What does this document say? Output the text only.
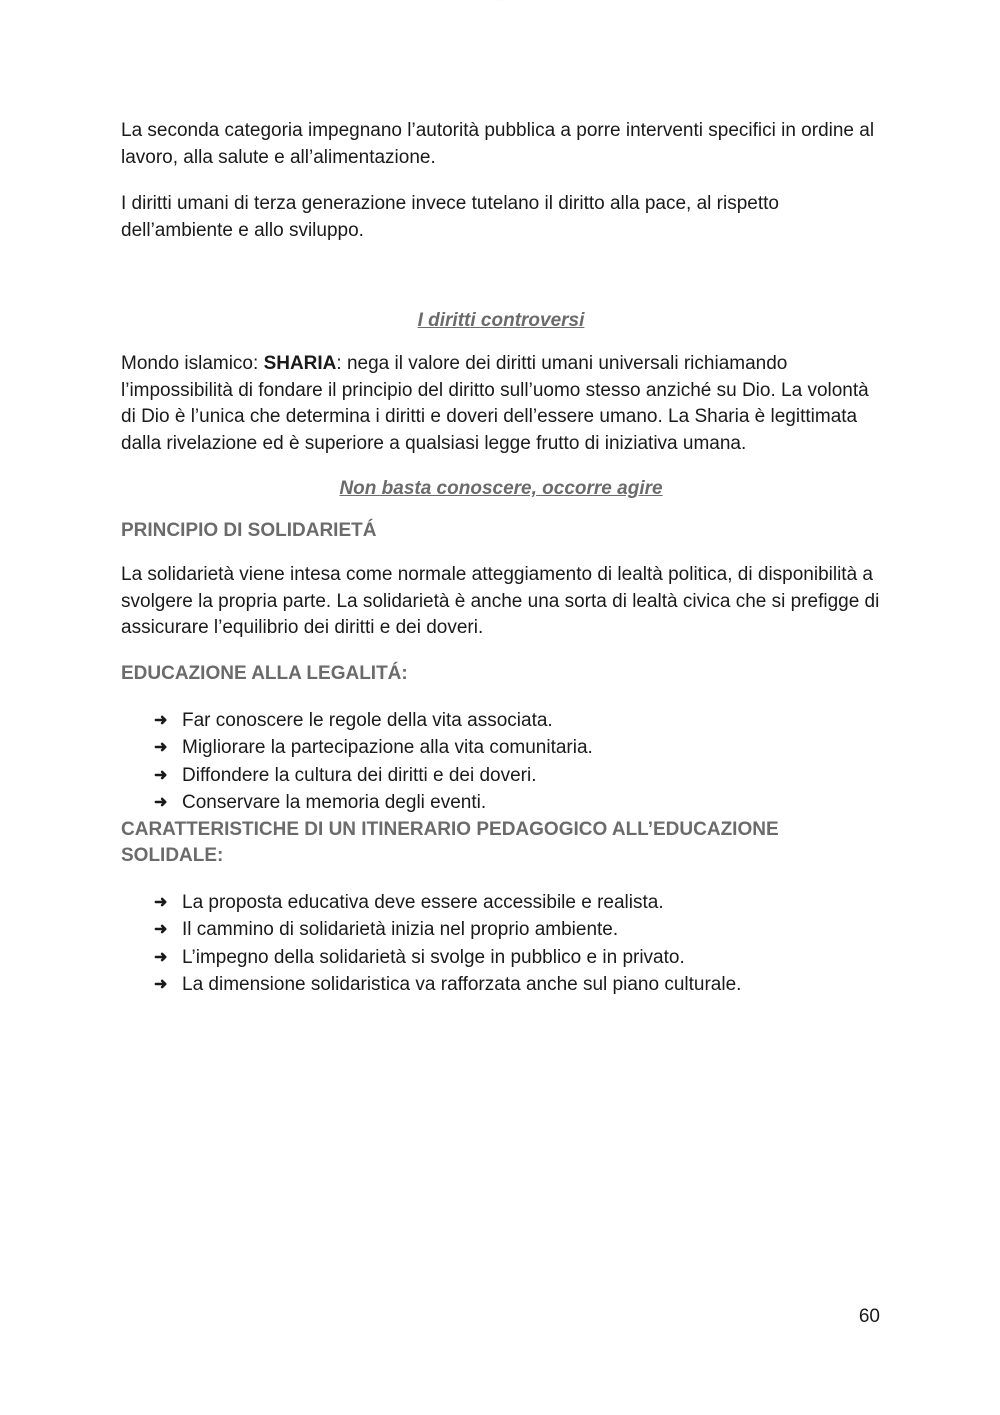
· · · · ·

La seconda categoria impegnano l’autorità pubblica a porre interventi specifici in ordine al lavoro, alla salute e all’alimentazione.

I diritti umani di terza generazione invece tutelano il diritto alla pace, al rispetto dell’ambiente e allo sviluppo.

I diritti controversi

Mondo islamico: SHARIA: nega il valore dei diritti umani universali richiamando l’impossibilità di fondare il principio del diritto sull’uomo stesso anziché su Dio. La volontà di Dio è l’unica che determina i diritti e doveri dell’essere umano. La Sharia è legittimata dalla rivelazione ed è superiore a qualsiasi legge frutto di iniziativa umana.

Non basta conoscere, occorre agire
PRINCIPIO DI SOLIDARIETÁ

La solidarietà viene intesa come normale atteggiamento di lealtà politica, di disponibilità a svolgere la propria parte. La solidarietà è anche una sorta di lealtà civica che si prefigge di assicurare l’equilibrio dei diritti e dei doveri.

EDUCAZIONE ALLA LEGALITÁ:
➜ Far conoscere le regole della vita associata.
➜ Migliorare la partecipazione alla vita comunitaria.
➜ Diffondere la cultura dei diritti e dei doveri.
➜ Conservare la memoria degli eventi.
CARATTERISTICHE DI UN ITINERARIO PEDAGOGICO ALL’EDUCAZIONE SOLIDALE:
➜ La proposta educativa deve essere accessibile e realista.
➜ Il cammino di solidarietà inizia nel proprio ambiente.
➜ L’impegno della solidarietà si svolge in pubblico e in privato.
➜ La dimensione solidaristica va rafforzata anche sul piano culturale.
60
